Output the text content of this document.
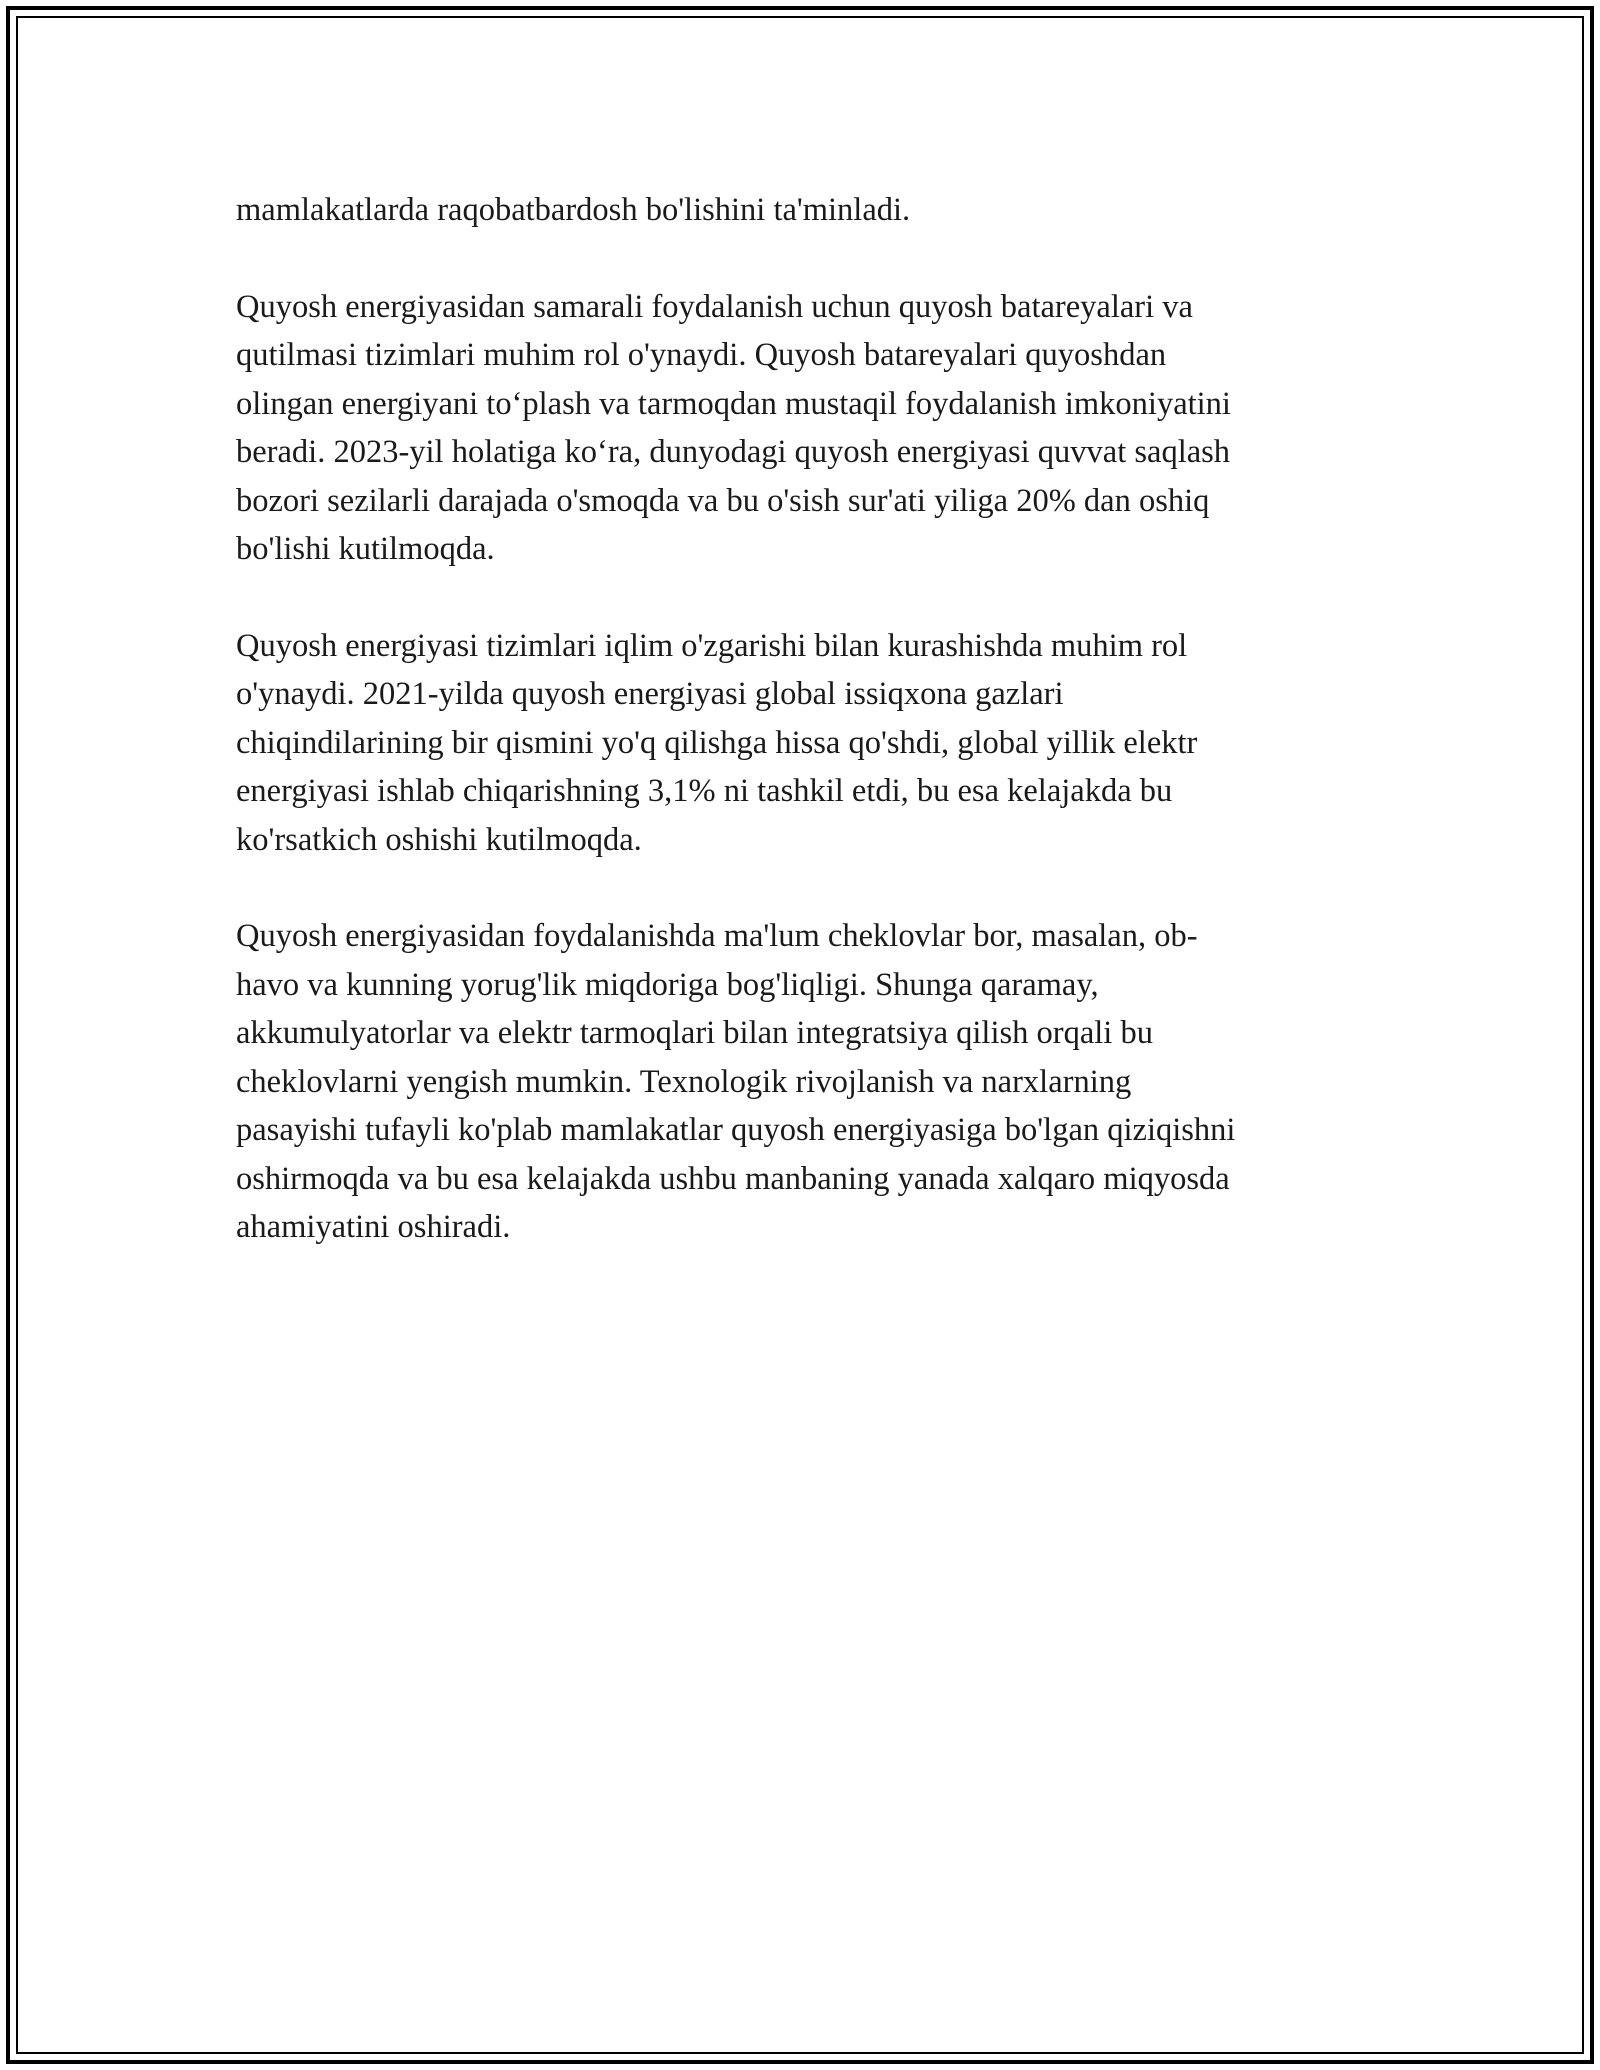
mamlakatlarda raqobatbardosh bo'lishini ta'minladi.

Quyosh energiyasidan samarali foydalanish uchun quyosh batareyalari va
qutilmasi tizimlari muhim rol o'ynaydi. Quyosh batareyalari quyoshdan
olingan energiyani to‘plash va tarmoqdan mustaqil foydalanish imkoniyatini
beradi. 2023-yil holatiga ko‘ra, dunyodagi quyosh energiyasi quvvat saqlash
bozori sezilarli darajada o'smoqda va bu o'sish sur'ati yiliga 20% dan oshiq
bo'lishi kutilmoqda.

Quyosh energiyasi tizimlari iqlim o'zgarishi bilan kurashishda muhim rol
o'ynaydi. 2021-yilda quyosh energiyasi global issiqxona gazlari
chiqindilarining bir qismini yo'q qilishga hissa qo'shdi, global yillik elektr
energiyasi ishlab chiqarishning 3,1% ni tashkil etdi, bu esa kelajakda bu
ko'rsatkich oshishi kutilmoqda.

Quyosh energiyasidan foydalanishda ma'lum cheklovlar bor, masalan, ob-
havo va kunning yorug'lik miqdoriga bog'liqligi. Shunga qaramay,
akkumulyatorlar va elektr tarmoqlari bilan integratsiya qilish orqali bu
cheklovlarni yengish mumkin. Texnologik rivojlanish va narxlarning
pasayishi tufayli ko'plab mamlakatlar quyosh energiyasiga bo'lgan qiziqishni
oshirmoqda va bu esa kelajakda ushbu manbaning yanada xalqaro miqyosda
ahamiyatini oshiradi.
